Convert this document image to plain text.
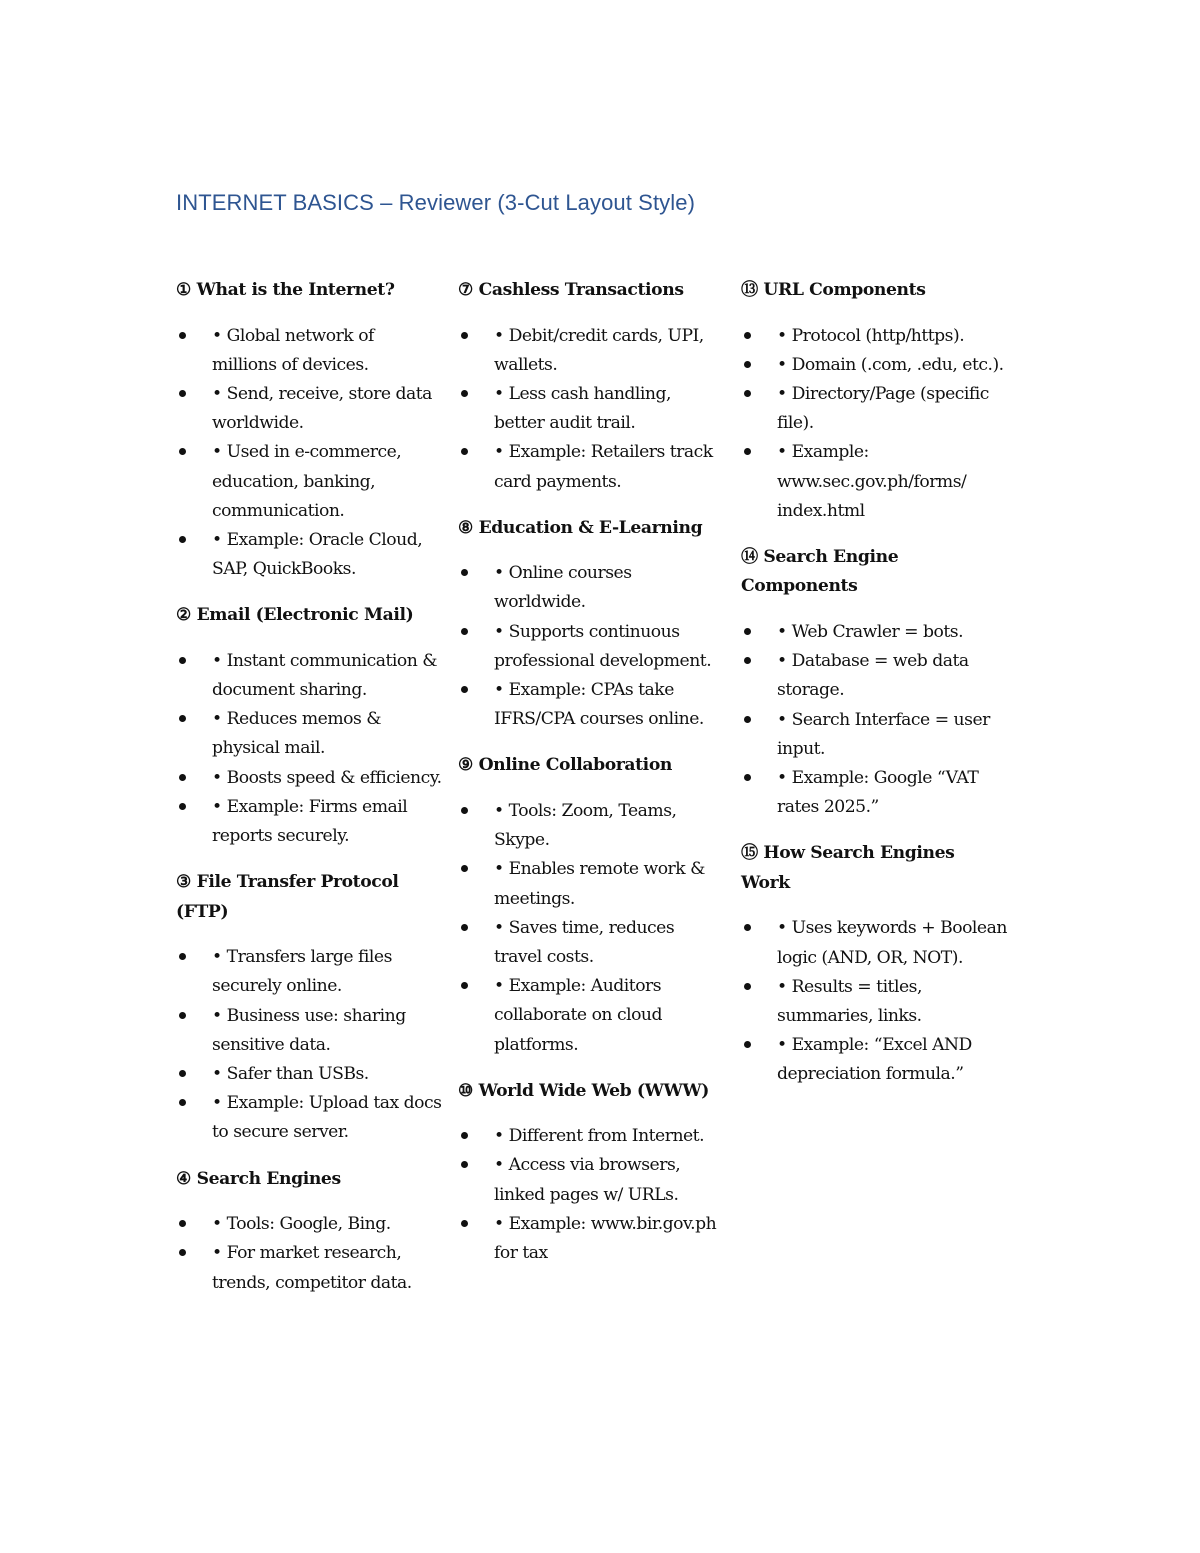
INTERNET BASICS – Reviewer (3-Cut Layout Style)
① What is the Internet?
• Global network of millions of devices.
• Send, receive, store data worldwide.
• Used in e-commerce, education, banking, communication.
• Example: Oracle Cloud, SAP, QuickBooks.
② Email (Electronic Mail)
• Instant communication & document sharing.
• Reduces memos & physical mail.
• Boosts speed & efficiency.
• Example: Firms email reports securely.
③ File Transfer Protocol (FTP)
• Transfers large files securely online.
• Business use: sharing sensitive data.
• Safer than USBs.
• Example: Upload tax docs to secure server.
④ Search Engines
• Tools: Google, Bing.
• For market research, trends, competitor data.
⑦ Cashless Transactions
• Debit/credit cards, UPI, wallets.
• Less cash handling, better audit trail.
• Example: Retailers track card payments.
⑧ Education & E-Learning
• Online courses worldwide.
• Supports continuous professional development.
• Example: CPAs take IFRS/CPA courses online.
⑨ Online Collaboration
• Tools: Zoom, Teams, Skype.
• Enables remote work & meetings.
• Saves time, reduces travel costs.
• Example: Auditors collaborate on cloud platforms.
⑩ World Wide Web (WWW)
• Different from Internet.
• Access via browsers, linked pages w/ URLs.
• Example: www.bir.gov.ph for tax
⑬ URL Components
• Protocol (http/https).
• Domain (.com, .edu, etc.).
• Directory/Page (specific file).
• Example: www.sec.gov.ph/forms/ index.html
⑭ Search Engine Components
• Web Crawler = bots.
• Database = web data storage.
• Search Interface = user input.
• Example: Google “VAT rates 2025.”
⑮ How Search Engines Work
• Uses keywords + Boolean logic (AND, OR, NOT).
• Results = titles, summaries, links.
• Example: “Excel AND depreciation formula.”
